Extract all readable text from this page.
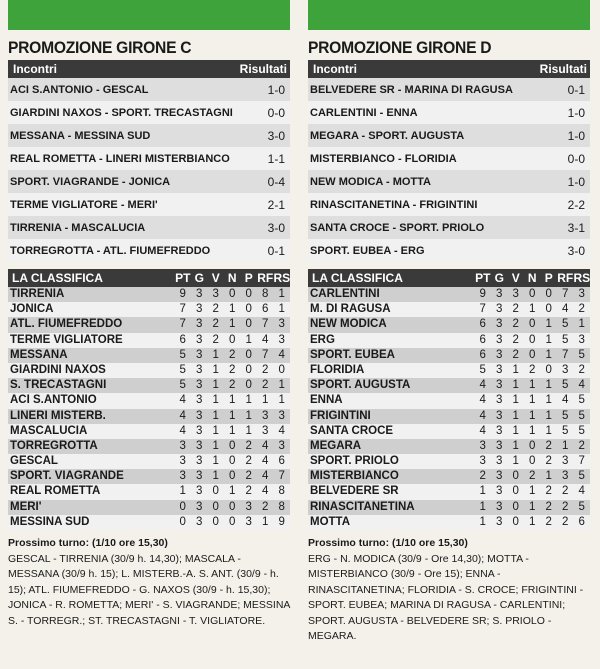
PROMOZIONE GIRONE C
Incontri	Risultati
ACI S.ANTONIO - GESCAL	1-0
GIARDINI NAXOS - SPORT. TRECASTAGNI	0-0
MESSANA - MESSINA SUD	3-0
REAL ROMETTA - LINERI MISTERBIANCO	1-1
SPORT. VIAGRANDE - JONICA	0-4
TERME VIGLIATORE - MERI'	2-1
TIRRENIA - MASCALUCIA	3-0
TORREGROTTA - ATL. FIUMEFREDDO	0-1
LA CLASSIFICA	PT G V N P RF RS
TIRRENIA	9 3 3 0 0 8 1
JONICA	7 3 2 1 0 6 1
ATL. FIUMEFREDDO	7 3 2 1 0 7 3
TERME VIGLIATORE	6 3 2 0 1 4 3
MESSANA	5 3 1 2 0 7 4
GIARDINI NAXOS	5 3 1 2 0 2 0
S. TRECASTAGNI	5 3 1 2 0 2 1
ACI S.ANTONIO	4 3 1 1 1 1 1
LINERI MISTERB.	4 3 1 1 1 3 3
MASCALUCIA	4 3 1 1 1 3 4
TORREGROTTA	3 3 1 0 2 4 3
GESCAL	3 3 1 0 2 4 6
SPORT. VIAGRANDE	3 3 1 0 2 4 7
REAL ROMETTA	1 3 0 1 2 4 8
MERI'	0 3 0 0 3 2 8
MESSINA SUD	0 3 0 0 3 1 9
Prossimo turno: (1/10 ore 15,30)
GESCAL - TIRRENIA (30/9 h. 14,30); MASCALA - MESSANA (30/9 h. 15); L. MISTERB.-A. S. ANT. (30/9 - h. 15); ATL. FIUMEFREDDO - G. NAXOS (30/9 - h. 15,30); JONICA - R. ROMETTA; MERI' - S. VIAGRANDE; MESSINA S. - TORREGR.; ST. TRECASTAGNI - T. VIGLIATORE.
PROMOZIONE GIRONE D
Incontri	Risultati
BELVEDERE SR - MARINA DI RAGUSA	0-1
CARLENTINI - ENNA	1-0
MEGARA - SPORT. AUGUSTA	1-0
MISTERBIANCO - FLORIDIA	0-0
NEW MODICA - MOTTA	1-0
RINASCITANETINA - FRIGINTINI	2-2
SANTA CROCE - SPORT. PRIOLO	3-1
SPORT. EUBEA - ERG	3-0
LA CLASSIFICA	PT G V N P RF RS
CARLENTINI	9 3 3 0 0 7 3
M. DI RAGUSA	7 3 2 1 0 4 2
NEW MODICA	6 3 2 0 1 5 1
ERG	6 3 2 0 1 5 3
SPORT. EUBEA	6 3 2 0 1 7 5
FLORIDIA	5 3 1 2 0 3 2
SPORT. AUGUSTA	4 3 1 1 1 5 4
ENNA	4 3 1 1 1 4 5
FRIGINTINI	4 3 1 1 1 5 5
SANTA CROCE	4 3 1 1 1 5 5
MEGARA	3 3 1 0 2 1 2
SPORT. PRIOLO	3 3 1 0 2 3 7
MISTERBIANCO	2 3 0 2 1 3 5
BELVEDERE SR	1 3 0 1 2 2 4
RINASCITANETINA	1 3 0 1 2 2 5
MOTTA	1 3 0 1 2 2 6
Prossimo turno: (1/10 ore 15,30)
ERG - N. MODICA (30/9 - Ore 14,30); MOTTA - MISTERBIANCO (30/9 - Ore 15); ENNA - RINASCITANETINA; FLORIDIA - S. CROCE; FRIGINTINI - SPORT. EUBEA; MARINA DI RAGUSA - CARLENTINI; SPORT. AUGUSTA - BELVEDERE SR; S. PRIOLO - MEGARA.
